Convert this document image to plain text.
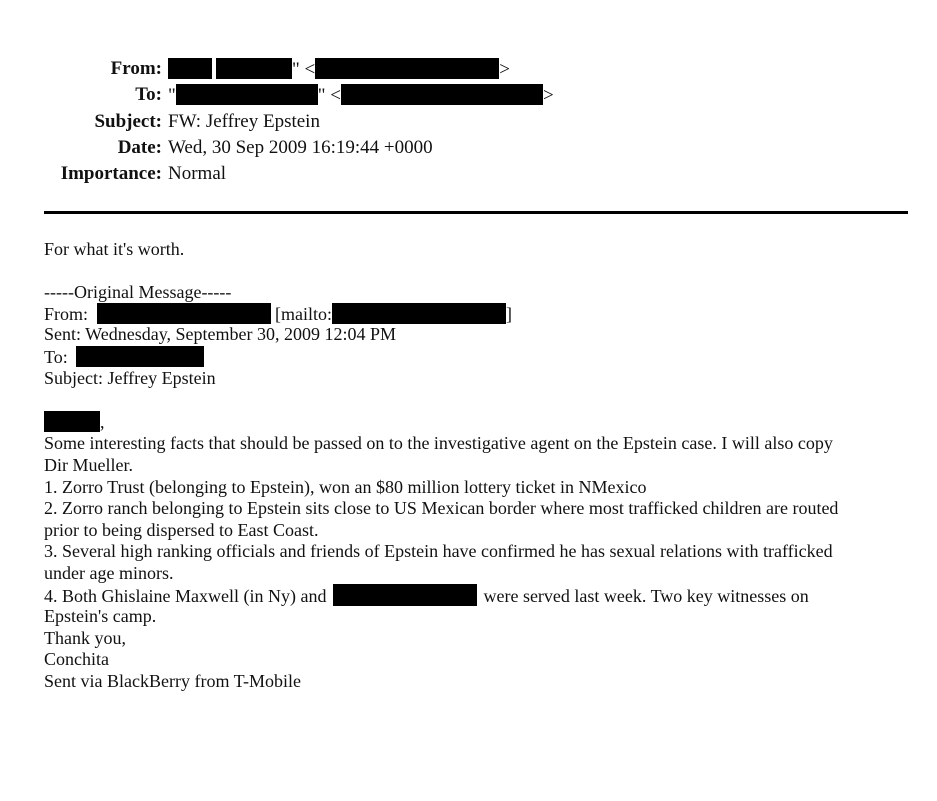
From:	" <	>
To: "	" <	>
Subject: FW: Jeffrey Epstein
Date: Wed, 30 Sep 2009 16:19:44 +0000
Importance: Normal
For what it's worth.
-----Original Message-----
From:	[mailto:	]
Sent: Wednesday, September 30, 2009 12:04 PM
To:
Subject: Jeffrey Epstein
,
Some interesting facts that should be passed on to the investigative agent on the Epstein case. I will also copy
Dir Mueller.
1. Zorro Trust (belonging to Epstein), won an $80 million lottery ticket in NMexico
2. Zorro ranch belonging to Epstein sits close to US Mexican border where most trafficked children are routed
prior to being dispersed to East Coast.
3. Several high ranking officials and friends of Epstein have confirmed he has sexual relations with trafficked
under age minors.
4. Both Ghislaine Maxwell (in Ny) and	were served last week. Two key witnesses on
Epstein's camp.
Thank you,
Conchita
Sent via BlackBerry from T-Mobile
